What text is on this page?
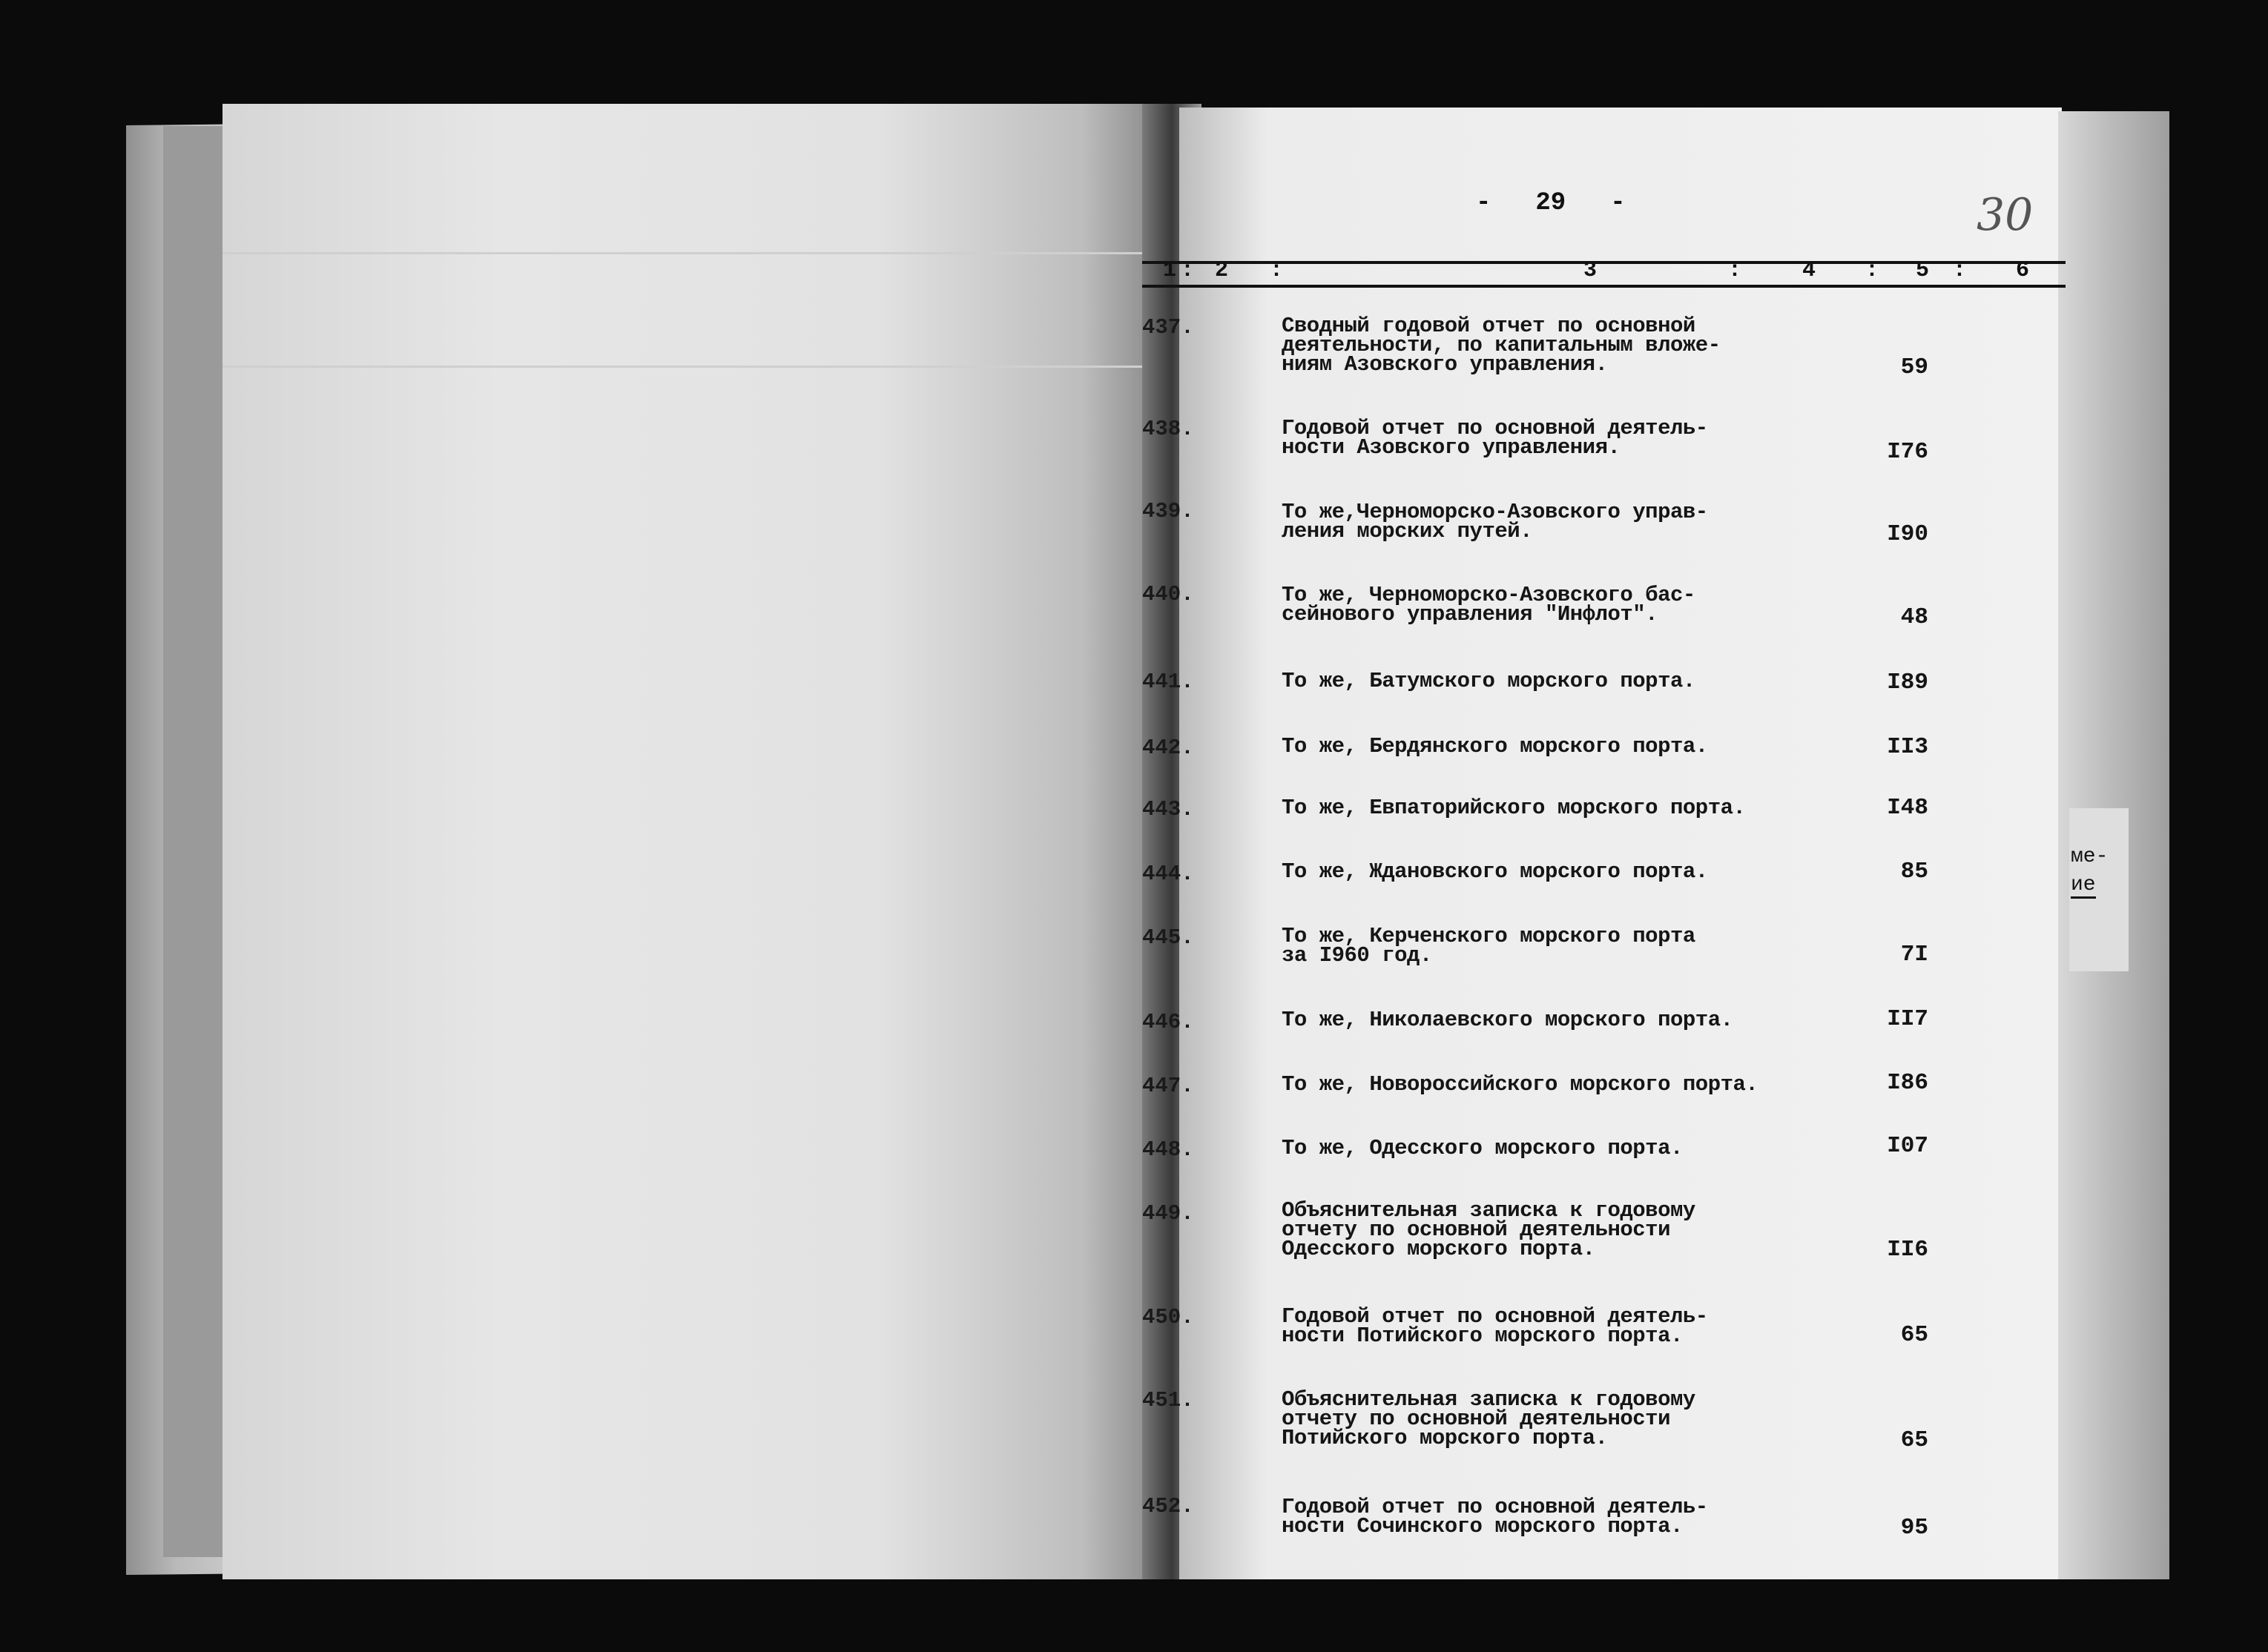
ме-
ие
- 29 -	30
1 : 2 :	3	:	4 : 5 : 6
437.	Сводный годовой отчет по основной
деятельности, по капитальным вложе-
ниям Азовского управления.	59
438.	Годовой отчет по основной деятель-
ности Азовского управления.	I76
439.	То же,Черноморско-Азовского управ-
ления морских путей.	I90
440.	То же, Черноморско-Азовского бас-
сейнового управления "Инфлот".	48
441.	То же, Батумского морского порта.	I89
442.	То же, Бердянского морского порта.	II3
443.	То же, Евпаторийского морского порта.	I48
444.	То же, Ждановского морского порта.	85
445.	То же, Керченского морского порта
за I960 год.	7I
446.	То же, Николаевского морского порта.	II7
447.	То же, Новороссийского морского порта.	I86
448.	То же, Одесского морского порта.	I07
449.	Объяснительная записка к годовому
отчету по основной деятельности
Одесского морского порта.	II6
450.	Годовой отчет по основной деятель-
ности Потийского морского порта.	65
451.	Объяснительная записка к годовому
отчету по основной деятельности
Потийского морского порта.	65
452.	Годовой отчет по основной деятель-
ности Сочинского морского порта.	95
